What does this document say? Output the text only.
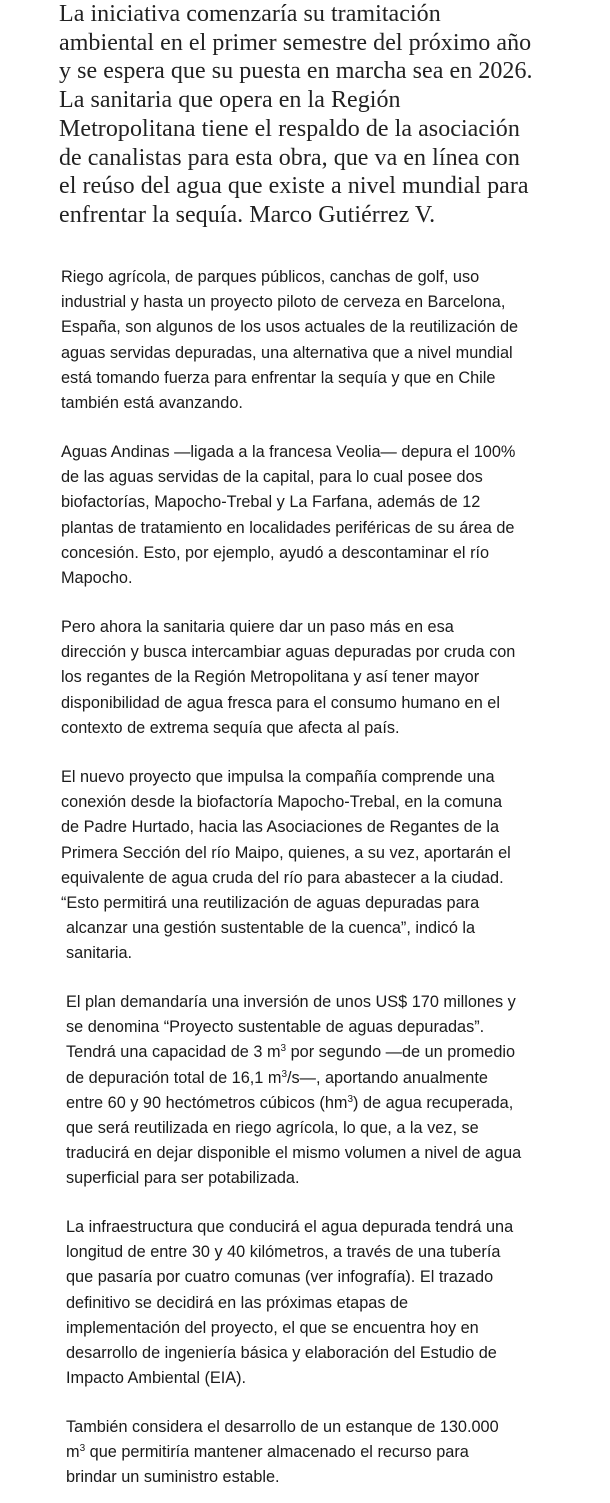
La iniciativa comenzaría su tramitación
ambiental en el primer semestre del próximo año
y se espera que su puesta en marcha sea en 2026.
La sanitaria que opera en la Región
Metropolitana tiene el respaldo de la asociación
de canalistas para esta obra, que va en línea con
el reúso del agua que existe a nivel mundial para
enfrentar la sequía. Marco Gutiérrez V.

Riego agrícola, de parques públicos, canchas de golf, uso
industrial y hasta un proyecto piloto de cerveza en Barcelona,
España, son algunos de los usos actuales de la reutilización de
aguas servidas depuradas, una alternativa que a nivel mundial
está tomando fuerza para enfrentar la sequía y que en Chile
también está avanzando.

Aguas Andinas —ligada a la francesa Veolia— depura el 100%
de las aguas servidas de la capital, para lo cual posee dos
biofactorías, Mapocho-Trebal y La Farfana, además de 12
plantas de tratamiento en localidades periféricas de su área de
concesión. Esto, por ejemplo, ayudó a descontaminar el río
Mapocho.

Pero ahora la sanitaria quiere dar un paso más en esa
dirección y busca intercambiar aguas depuradas por cruda con
los regantes de la Región Metropolitana y así tener mayor
disponibilidad de agua fresca para el consumo humano en el
contexto de extrema sequía que afecta al país.

El nuevo proyecto que impulsa la compañía comprende una
conexión desde la biofactoría Mapocho-Trebal, en la comuna
de Padre Hurtado, hacia las Asociaciones de Regantes de la
Primera Sección del río Maipo, quienes, a su vez, aportarán el
equivalente de agua cruda del río para abastecer a la ciudad.
“Esto permitirá una reutilización de aguas depuradas para
alcanzar una gestión sustentable de la cuenca”, indicó la
sanitaria.

El plan demandaría una inversión de unos US$ 170 millones y
se denomina “Proyecto sustentable de aguas depuradas”.
Tendrá una capacidad de 3 $m^3$ por segundo —de un promedio
de depuración total de 16,1 $m^3/s—$, aportando anualmente
entre 60 y 90 hectómetros cúbicos $(hm^3)$ de agua recuperada,
que será reutilizada en riego agrícola, lo que, a la vez, se
traducirá en dejar disponible el mismo volumen a nivel de agua
superficial para ser potabilizada.

La infraestructura que conducirá el agua depurada tendrá una
longitud de entre 30 y 40 kilómetros, a través de una tubería
que pasaría por cuatro comunas (ver infografía). El trazado
definitivo se decidirá en las próximas etapas de
implementación del proyecto, el que se encuentra hoy en
desarrollo de ingeniería básica y elaboración del Estudio de
Impacto Ambiental (EIA).

También considera el desarrollo de un estanque de 130.000
$m^3$ que permitiría mantener almacenado el recurso para
brindar un suministro estable.
